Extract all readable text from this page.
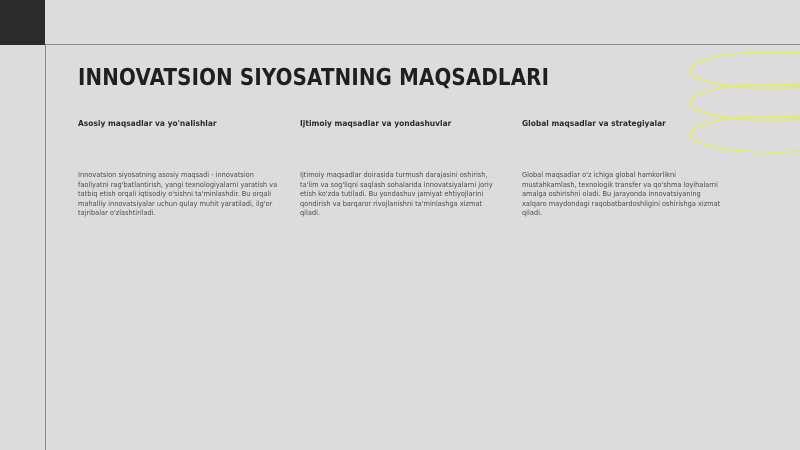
INNOVATSION SIYOSATNING MAQSADLARI
Asosiy maqsadlar va yo'nalishlar

Innovatsion siyosatning asosiy maqsadi - innovatsion faoliyatni rag'batlantirish, yangi texnologiyalarni yaratish va tatbiq etish orqali iqtisodiy o'sishni ta'minlashdir. Bu orqali mahalliy innovatsiyalar uchun qulay muhit yaratiladi, ilg'or tajribalar o'zlashtiriladi.

Ijtimoiy maqsadlar va yondashuvlar

Ijtimoiy maqsadlar doirasida turmush darajasini oshirish, ta'lim va sog'liqni saqlash sohalarida innovatsiyalarni joriy etish ko'zda tutiladi. Bu yondashuv jamiyat ehtiyojlarini qondirish va barqaror rivojlanishni ta'minlashga xizmat qiladi.

Global maqsadlar va strategiyalar

Global maqsadlar o'z ichiga global hamkorlikni mustahkamlash, texnologik transfer va qo'shma loyihalarni amalga oshirishni oladi. Bu jarayonda innovatsiyaning xalqaro maydondagi raqobatbardoshligini oshirishga xizmat qiladi.
